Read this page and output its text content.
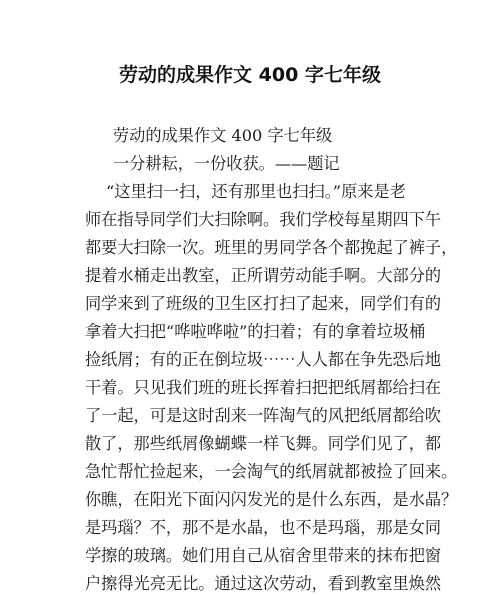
劳动的成果作文 400 字七年级

劳动的成果作文 400 字七年级

一分耕耘，一份收获。——题记

“这里扫一扫，还有那里也扫扫。”原来是老

师在指导同学们大扫除啊。我们学校每星期四下午

都要大扫除一次。班里的男同学各个都挽起了裤子，

提着水桶走出教室，正所谓劳动能手啊。大部分的

同学来到了班级的卫生区打扫了起来，同学们有的

拿着大扫把“哗啦哗啦”的扫着；有的拿着垃圾桶

捡纸屑；有的正在倒垃圾⋯⋯人人都在争先恐后地

干着。只见我们班的班长挥着扫把把纸屑都给扫在

了一起，可是这时刮来一阵淘气的风把纸屑都给吹

散了，那些纸屑像蝴蝶一样飞舞。同学们见了，都

急忙帮忙捡起来，一会淘气的纸屑就都被捡了回来。

你瞧，在阳光下面闪闪发光的是什么东西，是水晶？

是玛瑙？不，那不是水晶，也不是玛瑙，那是女同

学擦的玻璃。她们用自己从宿舍里带来的抹布把窗

户擦得光亮无比。通过这次劳动，看到教室里焕然
